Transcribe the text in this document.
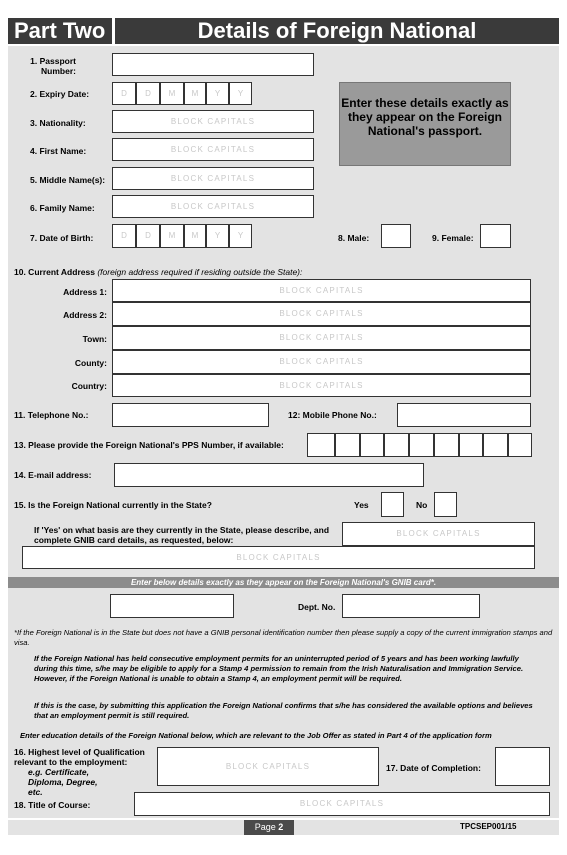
Part Two	Details of Foreign National
1. Passport
Number:
2. Expiry Date:	D	D	M	M	Y	Y
3. Nationality:	BLOCK CAPITALS
4. First Name:	BLOCK CAPITALS
5. Middle Name(s):	BLOCK CAPITALS
6. Family Name:	BLOCK CAPITALS
Enter these details exactly as they appear on the Foreign National's passport.
7. Date of Birth:	D	D	M	M	Y	Y	8. Male:	9. Female:
10. Current Address (foreign address required if residing outside the State):
Address 1:	BLOCK CAPITALS
Address 2:	BLOCK CAPITALS
Town:	BLOCK CAPITALS
County:	BLOCK CAPITALS
Country:	BLOCK CAPITALS
11. Telephone No.:	12: Mobile Phone No.:
13. Please provide the Foreign National's PPS Number, if available:
14. E-mail address:
15. Is the Foreign National currently in the State?	Yes	No
If 'Yes' on what basis are they currently in the State, please describe, and complete GNIB card details, as requested, below:
BLOCK CAPITALS
BLOCK CAPITALS
Enter below details exactly as they appear on the Foreign National's GNIB card*.
Dept. No.
*If the Foreign National is in the State but does not have a GNIB personal identification number then please supply a copy of the current immigration stamps and visa.
If the Foreign National has held consecutive employment permits for an uninterrupted period of 5 years and has been working lawfully during this time, s/he may be eligible to apply for a Stamp 4 permission to remain from the Irish Naturalisation and Immigration Service. However, if the Foreign National is unable to obtain a Stamp 4, an employment permit will be required.
If this is the case, by submitting this application the Foreign National confirms that s/he has considered the available options and believes that an employment permit is still required.
Enter education details of the Foreign National below, which are relevant to the Job Offer as stated in Part 4 of the application form
16. Highest level of Qualification relevant to the employment:
e.g. Certificate, Diploma, Degree, etc.
BLOCK CAPITALS	17. Date of Completion:
18. Title of Course:	BLOCK CAPITALS
Page 2	TPCSEP001/15
